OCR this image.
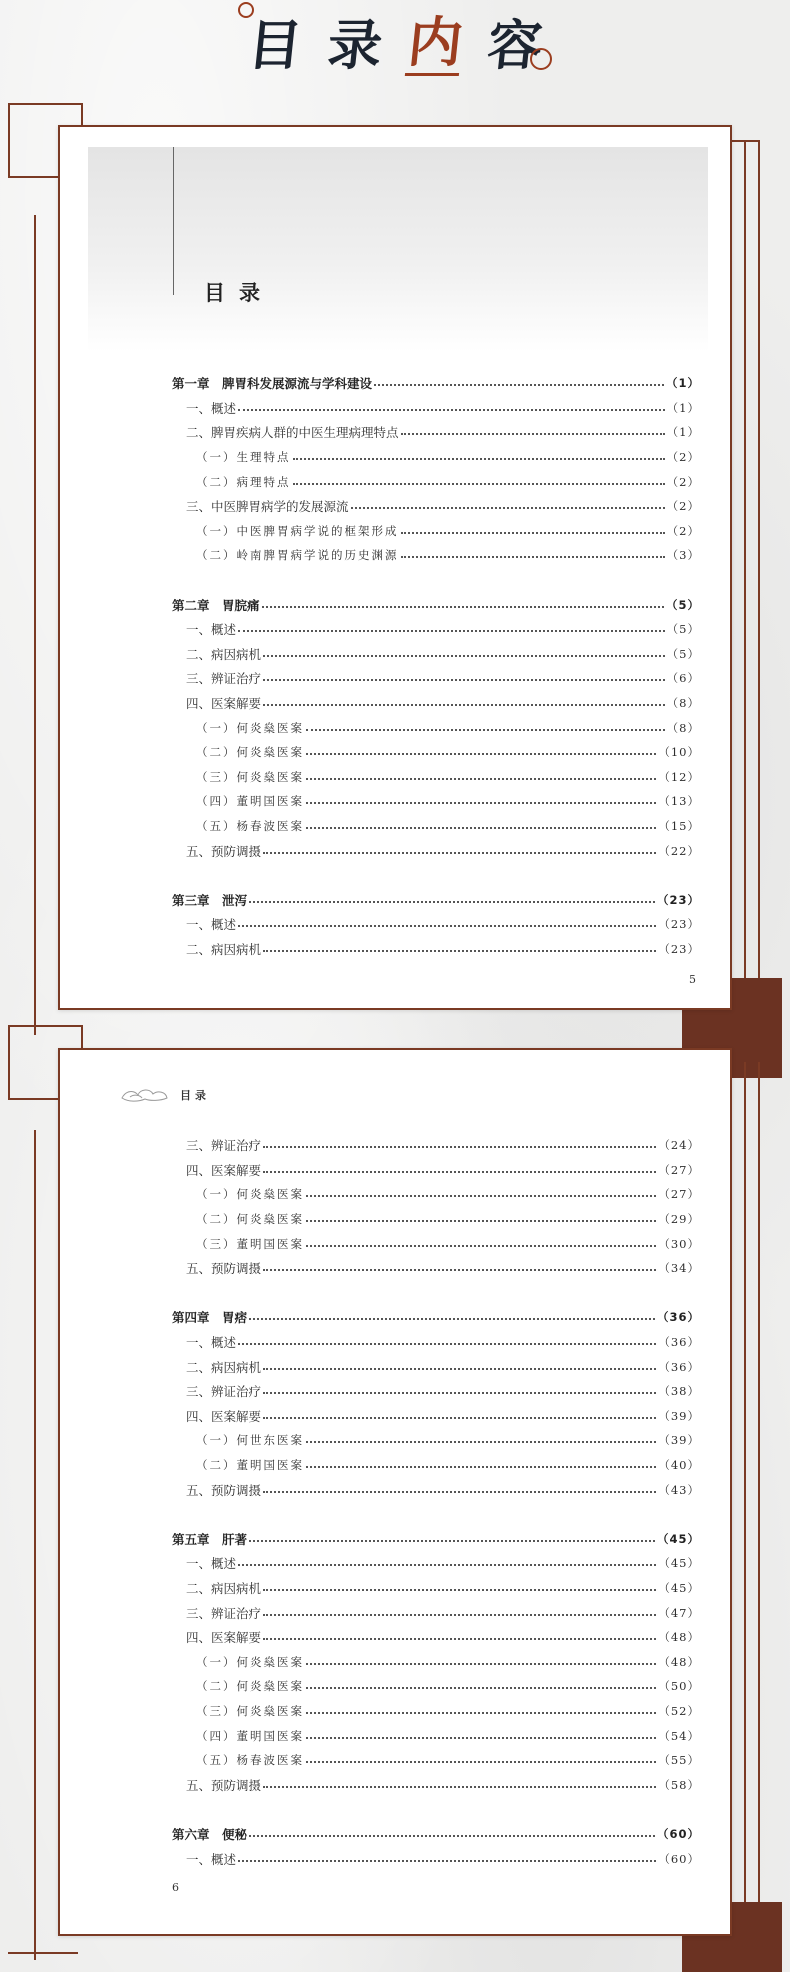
目 录 内 容
目录
第一章　脾胃科发展源流与学科建设	（1）
一、概述	（1）
二、脾胃疾病人群的中医生理病理特点	（1）
（一）生理特点	（2）
（二）病理特点	（2）
三、中医脾胃病学的发展源流	（2）
（一）中医脾胃病学说的框架形成	（2）
（二）岭南脾胃病学说的历史渊源	（3）
第二章　胃脘痛	（5）
一、概述	（5）
二、病因病机	（5）
三、辨证治疗	（6）
四、医案解要	（8）
（一）何炎燊医案	（8）
（二）何炎燊医案	（10）
（三）何炎燊医案	（12）
（四）董明国医案	（13）
（五）杨春波医案	（15）
五、预防调摄	（22）
第三章　泄泻	（23）
一、概述	（23）
二、病因病机	（23）
5
目录
三、辨证治疗	（24）
四、医案解要	（27）
（一）何炎燊医案	（27）
（二）何炎燊医案	（29）
（三）董明国医案	（30）
五、预防调摄	（34）
第四章　胃痞	（36）
一、概述	（36）
二、病因病机	（36）
三、辨证治疗	（38）
四、医案解要	（39）
（一）何世东医案	（39）
（二）董明国医案	（40）
五、预防调摄	（43）
第五章　肝著	（45）
一、概述	（45）
二、病因病机	（45）
三、辨证治疗	（47）
四、医案解要	（48）
（一）何炎燊医案	（48）
（二）何炎燊医案	（50）
（三）何炎燊医案	（52）
（四）董明国医案	（54）
（五）杨春波医案	（55）
五、预防调摄	（58）
第六章　便秘	（60）
一、概述	（60）
6
